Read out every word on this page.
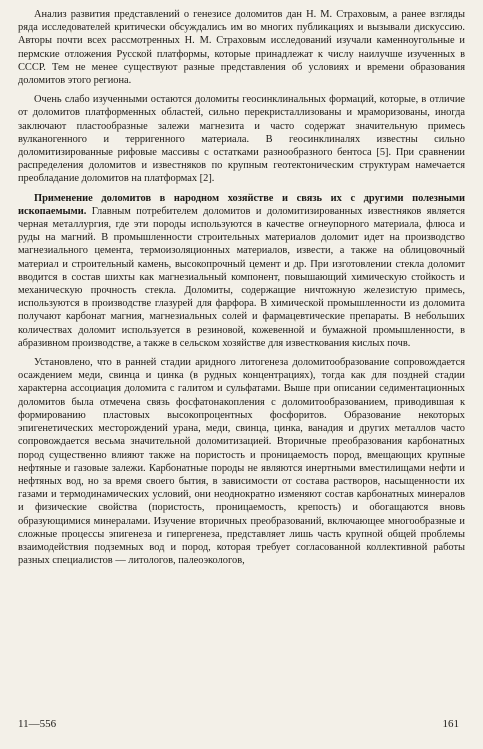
Анализ развития представлений о генезисе доломитов дан Н. М. Страховым, а ранее взгляды ряда исследователей критически обсуждались им во многих публикациях и вызывали дискуссию. Авторы почти всех рассмотренных Н. М. Страховым исследований изучали каменноугольные и пермские отложения Русской платформы, которые принадлежат к числу наилучше изученных в СССР. Тем не менее существуют разные представления об условиях и времени образования доломитов этого региона.

Очень слабо изученными остаются доломиты геосинклинальных формаций, которые, в отличие от доломитов платформенных областей, сильно перекристаллизованы и мраморизованы, иногда заключают пластообразные залежи магнезита и часто содержат значительную примесь вулканогенного и терригенного материала. В геосинклиналях известны сильно доломитизированные рифовые массивы с остатками разнообразного бентоса [5]. При сравнении распределения доломитов и известняков по крупным геотектоническим структурам намечается преобладание доломитов на платформах [2].

Применение доломитов в народном хозяйстве и связь их с другими полезными ископаемыми. Главным потребителем доломитов и доломитизированных известняков является черная металлургия, где эти породы используются в качестве огнеупорного материала, флюса и руды на магний. В промышленности строительных материалов доломит идет на производство магнезиального цемента, термоизоляционных материалов, извести, а также на облицовочный материал и строительный камень, высокопрочный цемент и др. При изготовлении стекла доломит вводится в состав шихты как магнезиальный компонент, повышающий химическую стойкость и механическую прочность стекла. Доломиты, содержащие ничтожную железистую примесь, используются в производстве глазурей для фарфора. В химической промышленности из доломита получают карбонат магния, магнезиальных солей и фармацевтические препараты. В небольших количествах доломит используется в резиновой, кожевенной и бумажной промышленности, в абразивном производстве, а также в сельском хозяйстве для известкования кислых почв.

Установлено, что в ранней стадии аридного литогенеза доломитообразование сопровождается осаждением меди, свинца и цинка (в рудных концентрациях), тогда как для поздней стадии характерна ассоциация доломита с галитом и сульфатами. Выше при описании седиментационных доломитов была отмечена связь фосфатонакопления с доломитообразованием, приводившая к формированию пластовых высокопроцентных фосфоритов. Образование некоторых эпигенетических месторождений урана, меди, свинца, цинка, ванадия и других металлов часто сопровождается весьма значительной доломитизацией. Вторичные преобразования карбонатных пород существенно влияют также на пористость и проницаемость пород, вмещающих крупные нефтяные и газовые залежи. Карбонатные породы не являются инертными вместилищами нефти и нефтяных вод, но за время своего бытия, в зависимости от состава растворов, насыщенности их газами и термодинамических условий, они неоднократно изменяют состав карбонатных минералов и физические свойства (пористость, проницаемость, крепость) и обогащаются вновь образующимися минералами. Изучение вторичных преобразований, включающее многообразные и сложные процессы эпигенеза и гипергенеза, представляет лишь часть крупной общей проблемы взаимодействия подземных вод и пород, которая требует согласованной коллективной работы разных специалистов — литологов, палеоэкологов,

11—556	161
